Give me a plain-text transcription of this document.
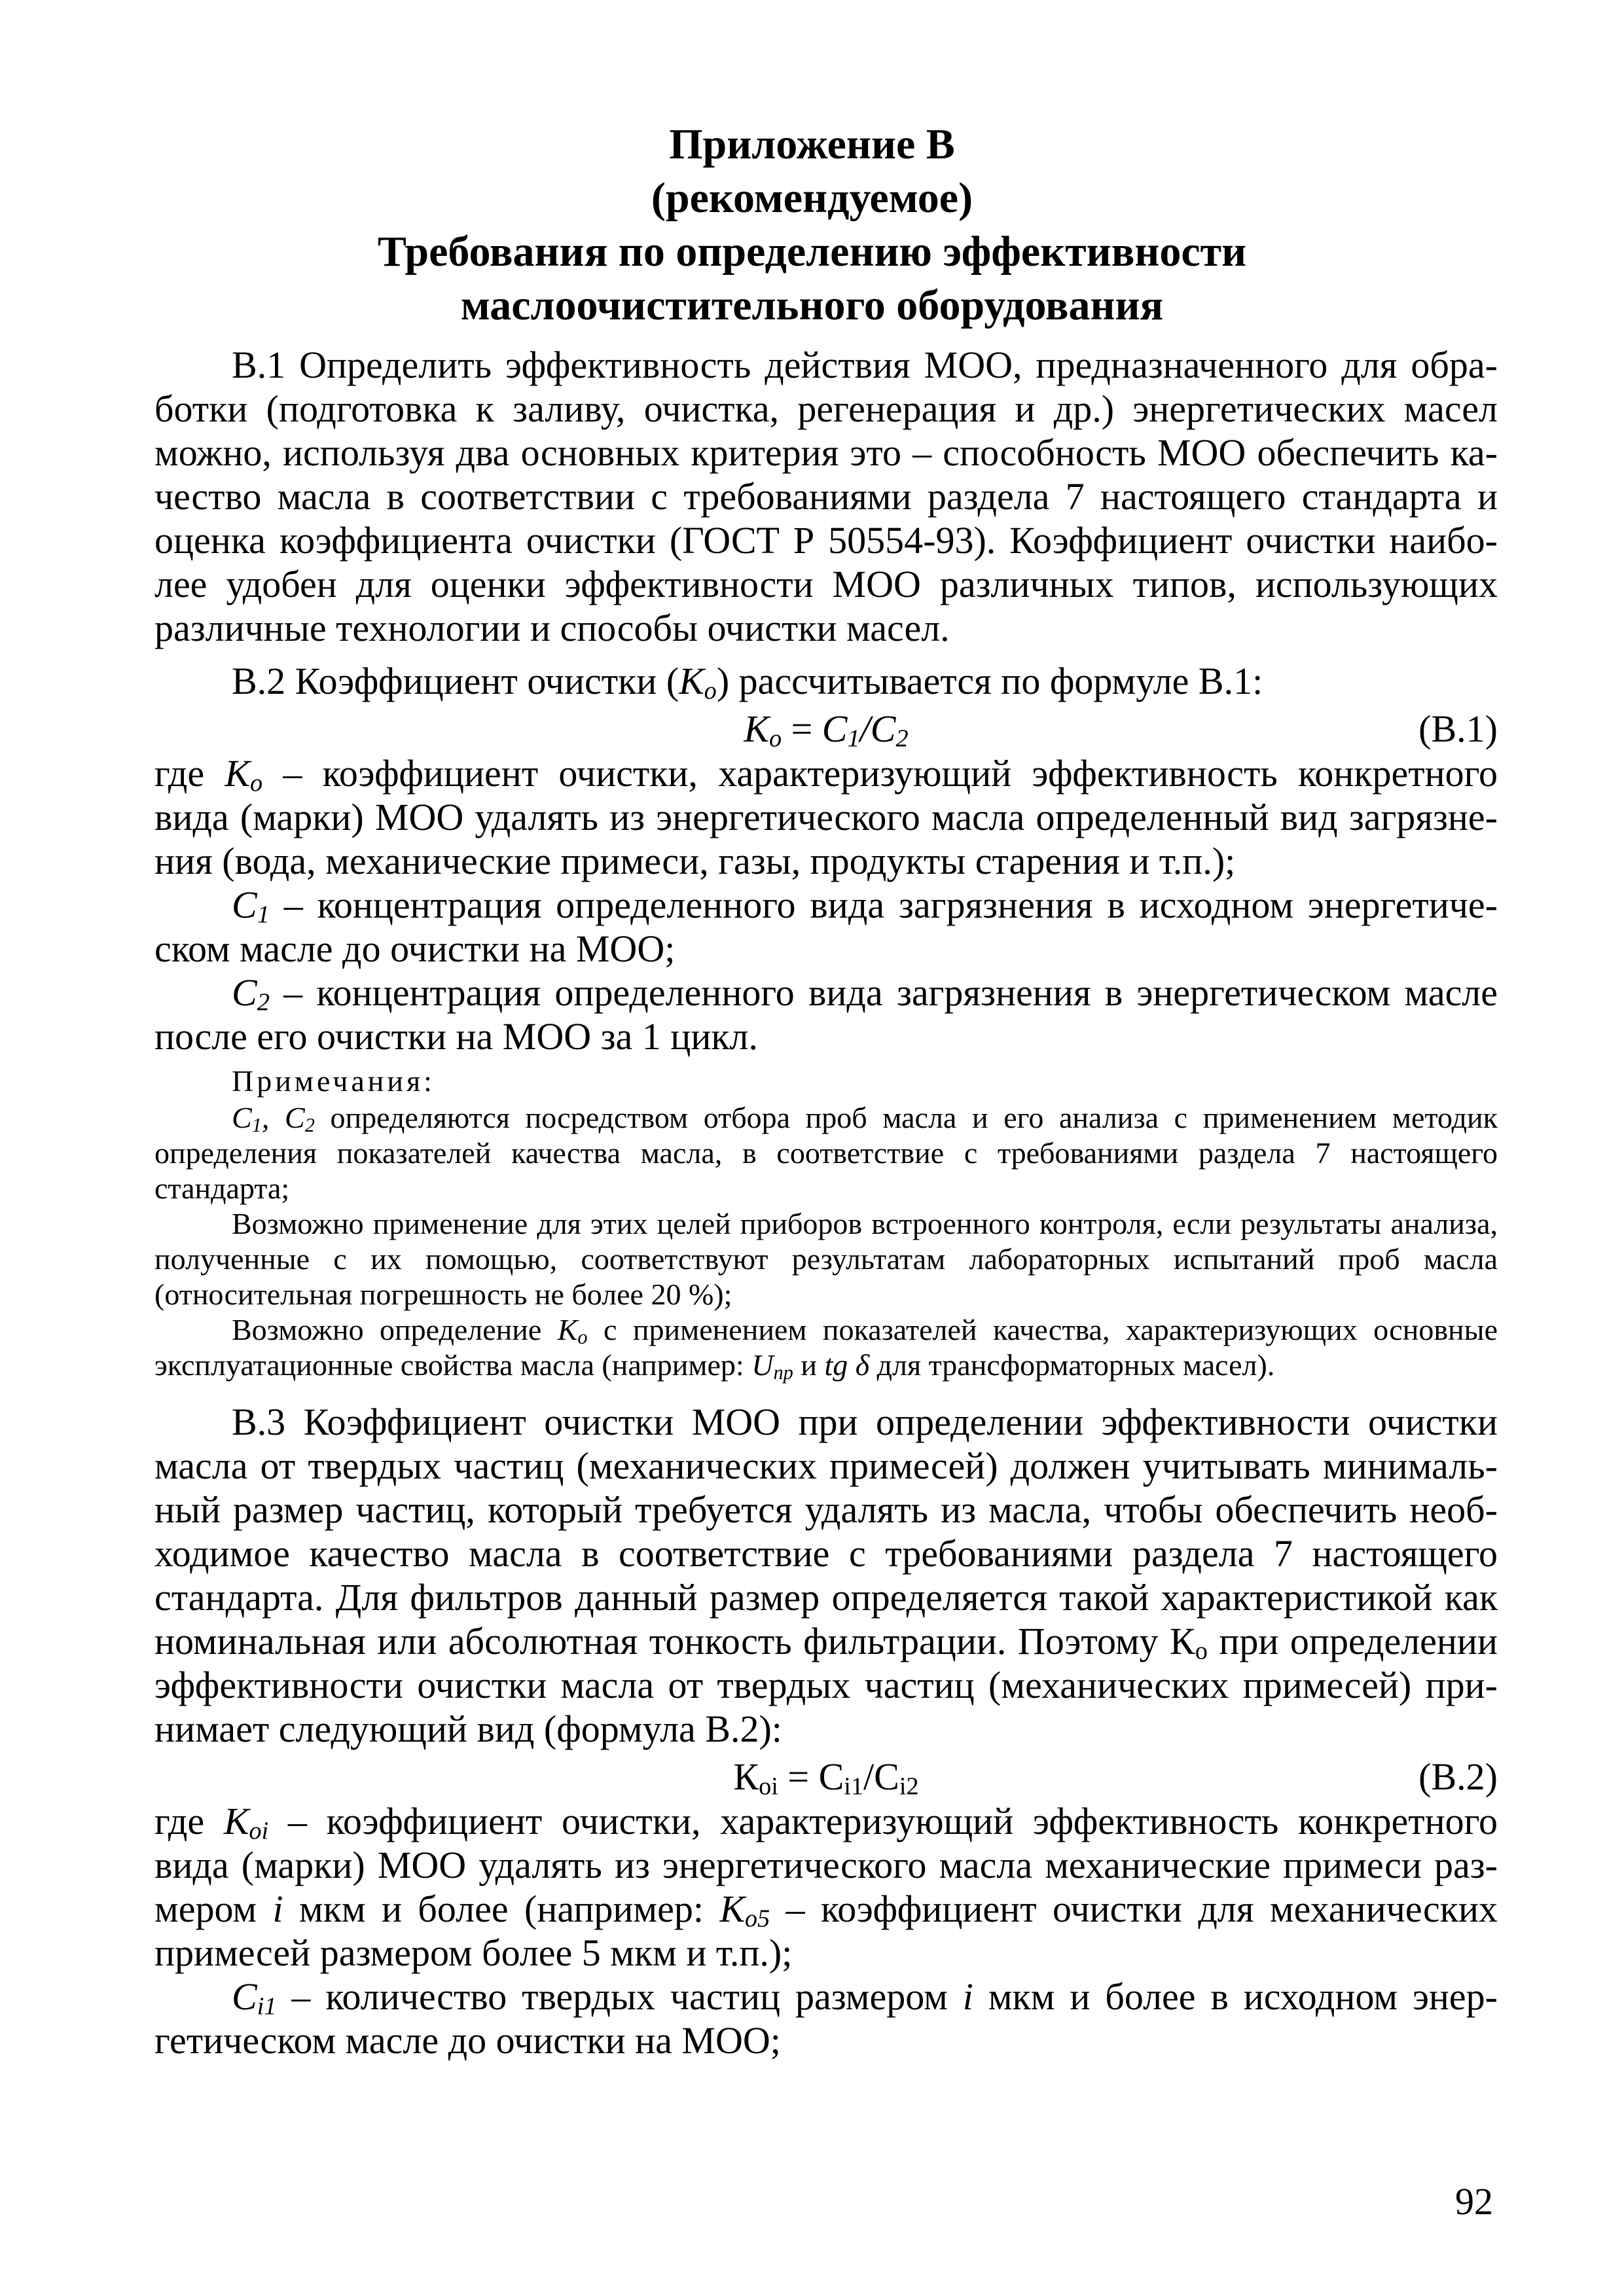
Приложение В
(рекомендуемое)
Требования по определению эффективности
маслоочистительного оборудования

В.1 Определить эффективность действия МОО, предназначенного для обработки (подготовка к заливу, очистка, регенерация и др.) энергетических масел можно, используя два основных критерия это – способность МОО обеспечить качество масла в соответствии с требованиями раздела 7 настоящего стандарта и оценка коэффициента очистки (ГОСТ Р 50554-93). Коэффициент очистки наиболее удобен для оценки эффективности МОО различных типов, использующих различные технологии и способы очистки масел.

В.2 Коэффициент очистки $(К_о)$ рассчитывается по формуле В.1:

$К_о = C_1/C_2$	(В.1)

где $К_о$ – коэффициент очистки, характеризующий эффективность конкретного вида (марки) МОО удалять из энергетического масла определенный вид загрязнения (вода, механические примеси, газы, продукты старения и т.п.);

$C_1$ – концентрация определенного вида загрязнения в исходном энергетическом масле до очистки на МОО;

$C_2$ – концентрация определенного вида загрязнения в энергетическом масле после его очистки на МОО за 1 цикл.

Примечания:

$C_1$, $C_2$ определяются посредством отбора проб масла и его анализа с применением методик определения показателей качества масла, в соответствие с требованиями раздела 7 настоящего стандарта;

Возможно применение для этих целей приборов встроенного контроля, если результаты анализа, полученные с их помощью, соответствуют результатам лабораторных испытаний проб масла (относительная погрешность не более 20 %);

Возможно определение $К_о$ с применением показателей качества, характеризующих основные эксплуатационные свойства масла (например: $U_{пр}$ и tg δ для трансформаторных масел).

В.3 Коэффициент очистки МОО при определении эффективности очистки масла от твердых частиц (механических примесей) должен учитывать минимальный размер частиц, который требуется удалять из масла, чтобы обеспечить необходимое качество масла в соответствие с требованиями раздела 7 настоящего стандарта. Для фильтров данный размер определяется такой характеристикой как номинальная или абсолютная тонкость фильтрации. Поэтому $К_о$ при определении эффективности очистки масла от твердых частиц (механических примесей) принимает следующий вид (формула В.2):

$К_{oi} = C_{i1}/C_{i2}$	(В.2)

где $К_{oi}$ – коэффициент очистки, характеризующий эффективность конкретного вида (марки) МОО удалять из энергетического масла механические примеси размером i мкм и более (например: $К_{o5}$ – коэффициент очистки для механических примесей размером более 5 мкм и т.п.);

$C_{i1}$ – количество твердых частиц размером i мкм и более в исходном энергетическом масле до очистки на МОО;

92
